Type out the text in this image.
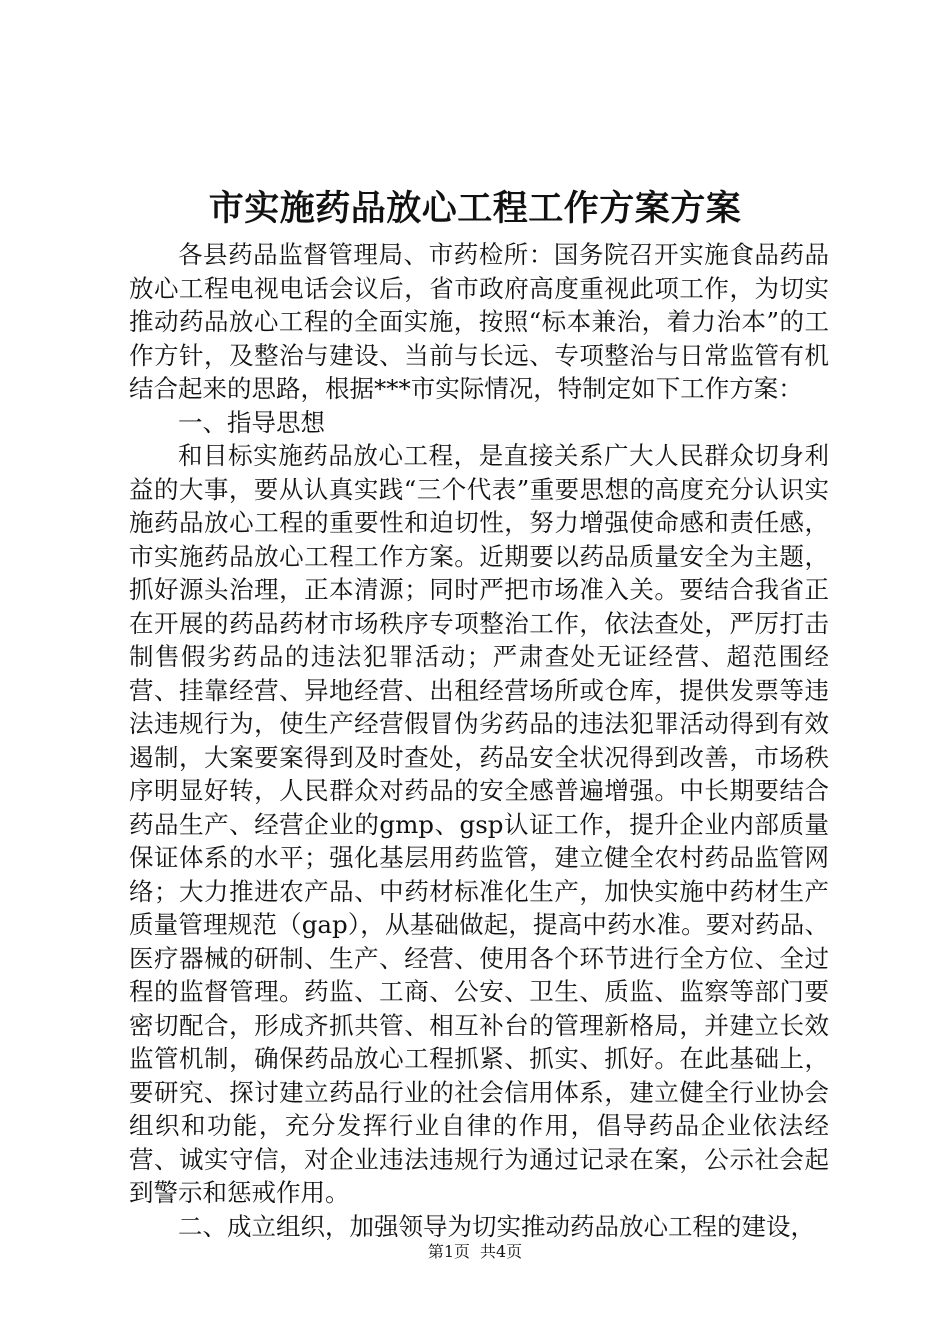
市实施药品放心工程工作方案方案

各县药品监督管理局、市药检所：国务院召开实施食品药品放心工程电视电话会议后，省市政府高度重视此项工作，为切实推动药品放心工程的全面实施，按照“标本兼治，着力治本”的工作方针，及整治与建设、当前与长远、专项整治与日常监管有机结合起来的思路，根据***市实际情况，特制定如下工作方案：

一、指导思想

和目标实施药品放心工程，是直接关系广大人民群众切身利益的大事，要从认真实践“三个代表”重要思想的高度充分认识实施药品放心工程的重要性和迫切性，努力增强使命感和责任感，市实施药品放心工程工作方案。近期要以药品质量安全为主题，抓好源头治理，正本清源；同时严把市场准入关。要结合我省正在开展的药品药材市场秩序专项整治工作，依法查处，严厉打击制售假劣药品的违法犯罪活动；严肃查处无证经营、超范围经营、挂靠经营、异地经营、出租经营场所或仓库，提供发票等违法违规行为，使生产经营假冒伪劣药品的违法犯罪活动得到有效遏制，大案要案得到及时查处，药品安全状况得到改善，市场秩序明显好转，人民群众对药品的安全感普遍增强。中长期要结合药品生产、经营企业的gmp、gsp认证工作，提升企业内部质量保证体系的水平；强化基层用药监管，建立健全农村药品监管网络；大力推进农产品、中药材标准化生产，加快实施中药材生产质量管理规范（gap），从基础做起，提高中药水准。要对药品、医疗器械的研制、生产、经营、使用各个环节进行全方位、全过程的监督管理。药监、工商、公安、卫生、质监、监察等部门要密切配合，形成齐抓共管、相互补台的管理新格局，并建立长效监管机制，确保药品放心工程抓紧、抓实、抓好。在此基础上，要研究、探讨建立药品行业的社会信用体系，建立健全行业协会组织和功能，充分发挥行业自律的作用，倡导药品企业依法经营、诚实守信，对企业违法违规行为通过记录在案，公示社会起到警示和惩戒作用。

二、成立组织，加强领导为切实推动药品放心工程的建设，

第1页 共4页
